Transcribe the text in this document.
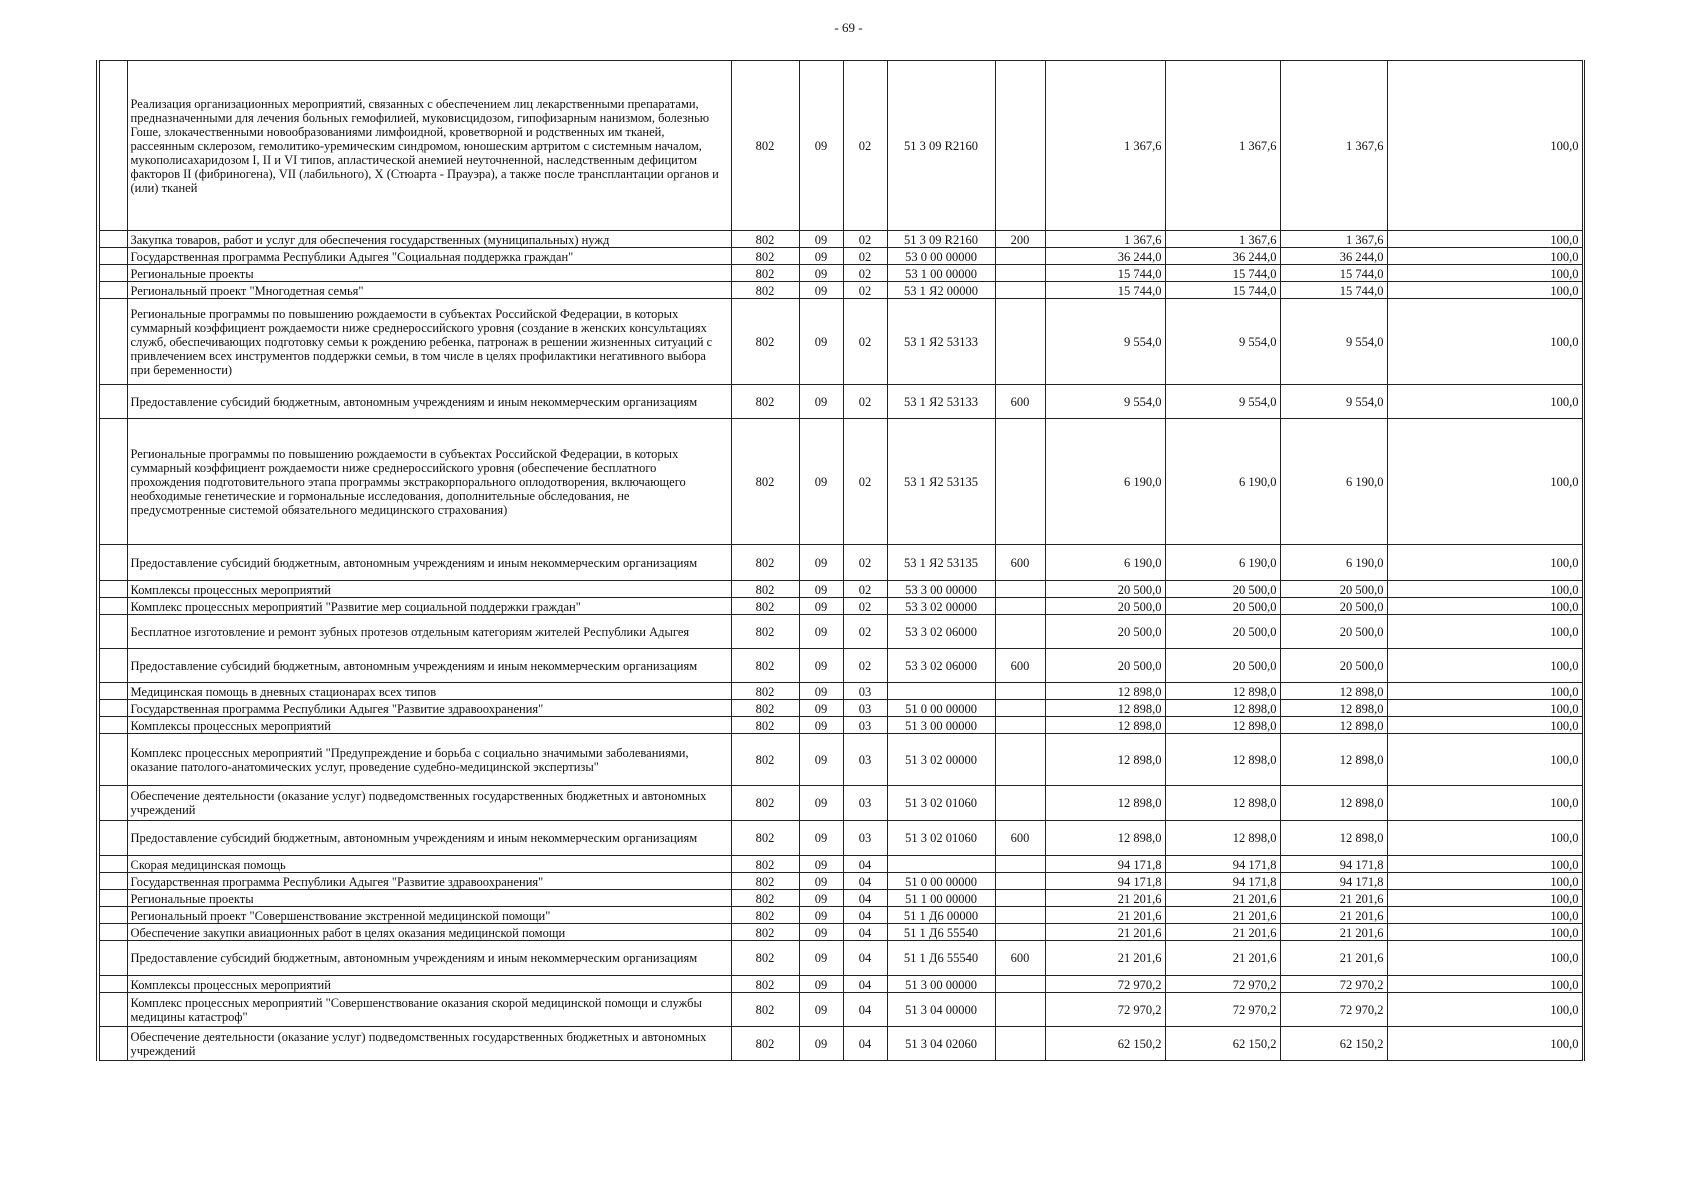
- 69 -
	Реализация организационных мероприятий, связанных с обеспечением лиц лекарственными препаратами, предназначенными для лечения больных гемофилией, муковисцидозом, гипофизарным нанизмом, болезнью Гоше, злокачественными новообразованиями лимфоидной, кроветворной и родственных им тканей, рассеянным склерозом, гемолитико-уремическим синдромом, юношеским артритом с системным началом, мукополисахаридозом I, II и VI типов, апластической анемией неуточненной, наследственным дефицитом факторов II (фибриногена), VII (лабильного), X (Стюарта - Прауэра), а также после трансплантации органов и (или) тканей	802	09	02	51 3 09 R2160		1 367,6	1 367,6	1 367,6	100,0
	Закупка товаров, работ и услуг для обеспечения государственных (муниципальных) нужд	802	09	02	51 3 09 R2160	200	1 367,6	1 367,6	1 367,6	100,0
	Государственная программа Республики Адыгея "Социальная поддержка граждан"	802	09	02	53 0 00 00000		36 244,0	36 244,0	36 244,0	100,0
	Региональные проекты	802	09	02	53 1 00 00000		15 744,0	15 744,0	15 744,0	100,0
	Региональный проект "Многодетная семья"	802	09	02	53 1 Я2 00000		15 744,0	15 744,0	15 744,0	100,0
	Региональные программы по повышению рождаемости в субъектах Российской Федерации, в которых суммарный коэффициент рождаемости ниже среднероссийского уровня (создание в женских консультациях служб, обеспечивающих подготовку семьи к рождению ребенка, патронаж в решении жизненных ситуаций с привлечением всех инструментов поддержки семьи, в том числе в целях профилактики негативного выбора при беременности)	802	09	02	53 1 Я2 53133		9 554,0	9 554,0	9 554,0	100,0
	Предоставление субсидий бюджетным, автономным учреждениям и иным некоммерческим организациям	802	09	02	53 1 Я2 53133	600	9 554,0	9 554,0	9 554,0	100,0
	Региональные программы по повышению рождаемости в субъектах Российской Федерации, в которых суммарный коэффициент рождаемости ниже среднероссийского уровня (обеспечение бесплатного прохождения подготовительного этапа программы экстракорпорального оплодотворения, включающего необходимые генетические и гормональные исследования, дополнительные обследования, не предусмотренные системой обязательного медицинского страхования)	802	09	02	53 1 Я2 53135		6 190,0	6 190,0	6 190,0	100,0
	Предоставление субсидий бюджетным, автономным учреждениям и иным некоммерческим организациям	802	09	02	53 1 Я2 53135	600	6 190,0	6 190,0	6 190,0	100,0
	Комплексы процессных мероприятий	802	09	02	53 3 00 00000		20 500,0	20 500,0	20 500,0	100,0
	Комплекс процессных мероприятий "Развитие мер социальной поддержки граждан"	802	09	02	53 3 02 00000		20 500,0	20 500,0	20 500,0	100,0
	Бесплатное изготовление и ремонт зубных протезов отдельным категориям жителей Республики Адыгея	802	09	02	53 3 02 06000		20 500,0	20 500,0	20 500,0	100,0
	Предоставление субсидий бюджетным, автономным учреждениям и иным некоммерческим организациям	802	09	02	53 3 02 06000	600	20 500,0	20 500,0	20 500,0	100,0
	Медицинская помощь в дневных стационарах всех типов	802	09	03			12 898,0	12 898,0	12 898,0	100,0
	Государственная программа Республики Адыгея "Развитие здравоохранения"	802	09	03	51 0 00 00000		12 898,0	12 898,0	12 898,0	100,0
	Комплексы процессных мероприятий	802	09	03	51 3 00 00000		12 898,0	12 898,0	12 898,0	100,0
	Комплекс процессных мероприятий "Предупреждение и борьба с социально значимыми заболеваниями, оказание патолого-анатомических услуг, проведение судебно-медицинской экспертизы"	802	09	03	51 3 02 00000		12 898,0	12 898,0	12 898,0	100,0
	Обеспечение деятельности (оказание услуг) подведомственных государственных бюджетных и автономных учреждений	802	09	03	51 3 02 01060		12 898,0	12 898,0	12 898,0	100,0
	Предоставление субсидий бюджетным, автономным учреждениям и иным некоммерческим организациям	802	09	03	51 3 02 01060	600	12 898,0	12 898,0	12 898,0	100,0
	Скорая медицинская помощь	802	09	04			94 171,8	94 171,8	94 171,8	100,0
	Государственная программа Республики Адыгея "Развитие здравоохранения"	802	09	04	51 0 00 00000		94 171,8	94 171,8	94 171,8	100,0
	Региональные проекты	802	09	04	51 1 00 00000		21 201,6	21 201,6	21 201,6	100,0
	Региональный проект "Совершенствование экстренной медицинской помощи"	802	09	04	51 1 Д6 00000		21 201,6	21 201,6	21 201,6	100,0
	Обеспечение закупки авиационных работ в целях оказания медицинской помощи	802	09	04	51 1 Д6 55540		21 201,6	21 201,6	21 201,6	100,0
	Предоставление субсидий бюджетным, автономным учреждениям и иным некоммерческим организациям	802	09	04	51 1 Д6 55540	600	21 201,6	21 201,6	21 201,6	100,0
	Комплексы процессных мероприятий	802	09	04	51 3 00 00000		72 970,2	72 970,2	72 970,2	100,0
	Комплекс процессных мероприятий "Совершенствование оказания скорой медицинской помощи и службы медицины катастроф"	802	09	04	51 3 04 00000		72 970,2	72 970,2	72 970,2	100,0
	Обеспечение деятельности (оказание услуг) подведомственных государственных бюджетных и автономных учреждений	802	09	04	51 3 04 02060		62 150,2	62 150,2	62 150,2	100,0
